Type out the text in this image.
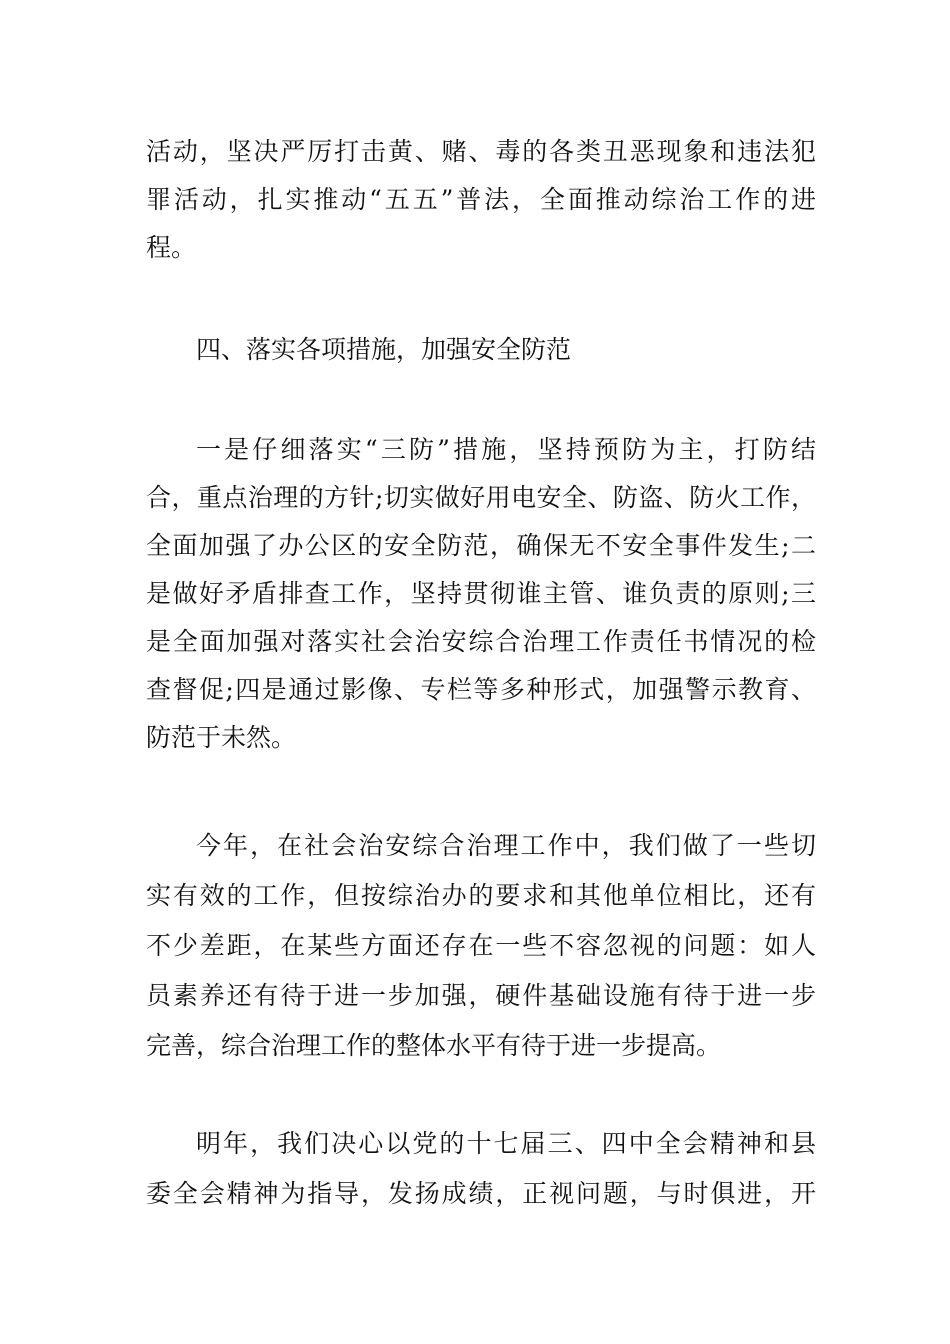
活动，坚决严厉打击黄、赌、毒的各类丑恶现象和违法犯
罪活动，扎实推动“五五”普法，全面推动综治工作的进
程。
四、落实各项措施，加强安全防范
一是仔细落实“三防”措施，坚持预防为主，打防结
合，重点治理的方针;切实做好用电安全、防盗、防火工作，
全面加强了办公区的安全防范，确保无不安全事件发生;二
是做好矛盾排查工作，坚持贯彻谁主管、谁负责的原则;三
是全面加强对落实社会治安综合治理工作责任书情况的检
查督促;四是通过影像、专栏等多种形式，加强警示教育、
防范于未然。
今年，在社会治安综合治理工作中，我们做了一些切
实有效的工作，但按综治办的要求和其他单位相比，还有
不少差距，在某些方面还存在一些不容忽视的问题：如人
员素养还有待于进一步加强，硬件基础设施有待于进一步
完善，综合治理工作的整体水平有待于进一步提高。
明年，我们决心以党的十七届三、四中全会精神和县
委全会精神为指导，发扬成绩，正视问题，与时俱进，开
